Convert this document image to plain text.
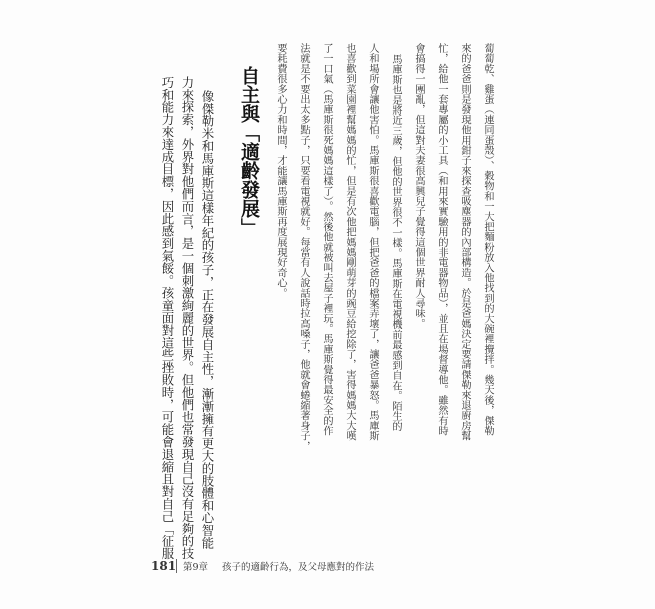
蔔蔔乾、雞蛋（連同蛋殼）、穀物和一大把麵粉放入他找到的大碗裡攪拌。幾天後，傑勒
來的爸爸則是發現他用鉗子來探查吸塵器的內部構造。於是爸媽決定要請傑勒來退廚房幫
忙，給他一套專屬的小工具（和用來實驗用的非電器物品），並且在場督導他。雖然有時
會搞得一團亂，但這對夫妻很高興兒子覺得這個世界耐人尋味。
馬庫斯也是將近三歲，但他的世界很不一樣。馬庫斯在電視機前最感到自在。陌生的
人和場所會讓他害怕。馬庫斯很喜歡電腦，但把爸爸的檔案弄壞了，讓爸爸暴怒。馬庫斯
也喜歡到菜園裡幫媽媽的忙，但是有次他把媽媽剛萌芽的豌豆給挖除了，害得媽媽大大嘆
了一口氣（馬庫斯很死媽媽這樣了）。然後他就被叫去屋子裡玩。馬庫斯覺得最安全的作
法就是不要出太多點子，只要看電視就好。每當有人說話時拉高嗓子，他就會蜷縮著身子，
要耗費很多心力和時間，才能讓馬庫斯再度展現好奇心。
自主與「適齡發展」
像傑勒米和馬庫斯這樣年紀的孩子，正在發展自主性，漸漸擁有更大的肢體和心智能
力來探索，外界對他們而言，是一個刺激絢麗的世界。但他們也常發現自己沒有足夠的技
巧和能力來達成目標，因此感到氣餒。孩童面對這些挫敗時，可能會退縮且對自己「征服
181 第9章 孩子的適齡行為，及父母應對的作法
